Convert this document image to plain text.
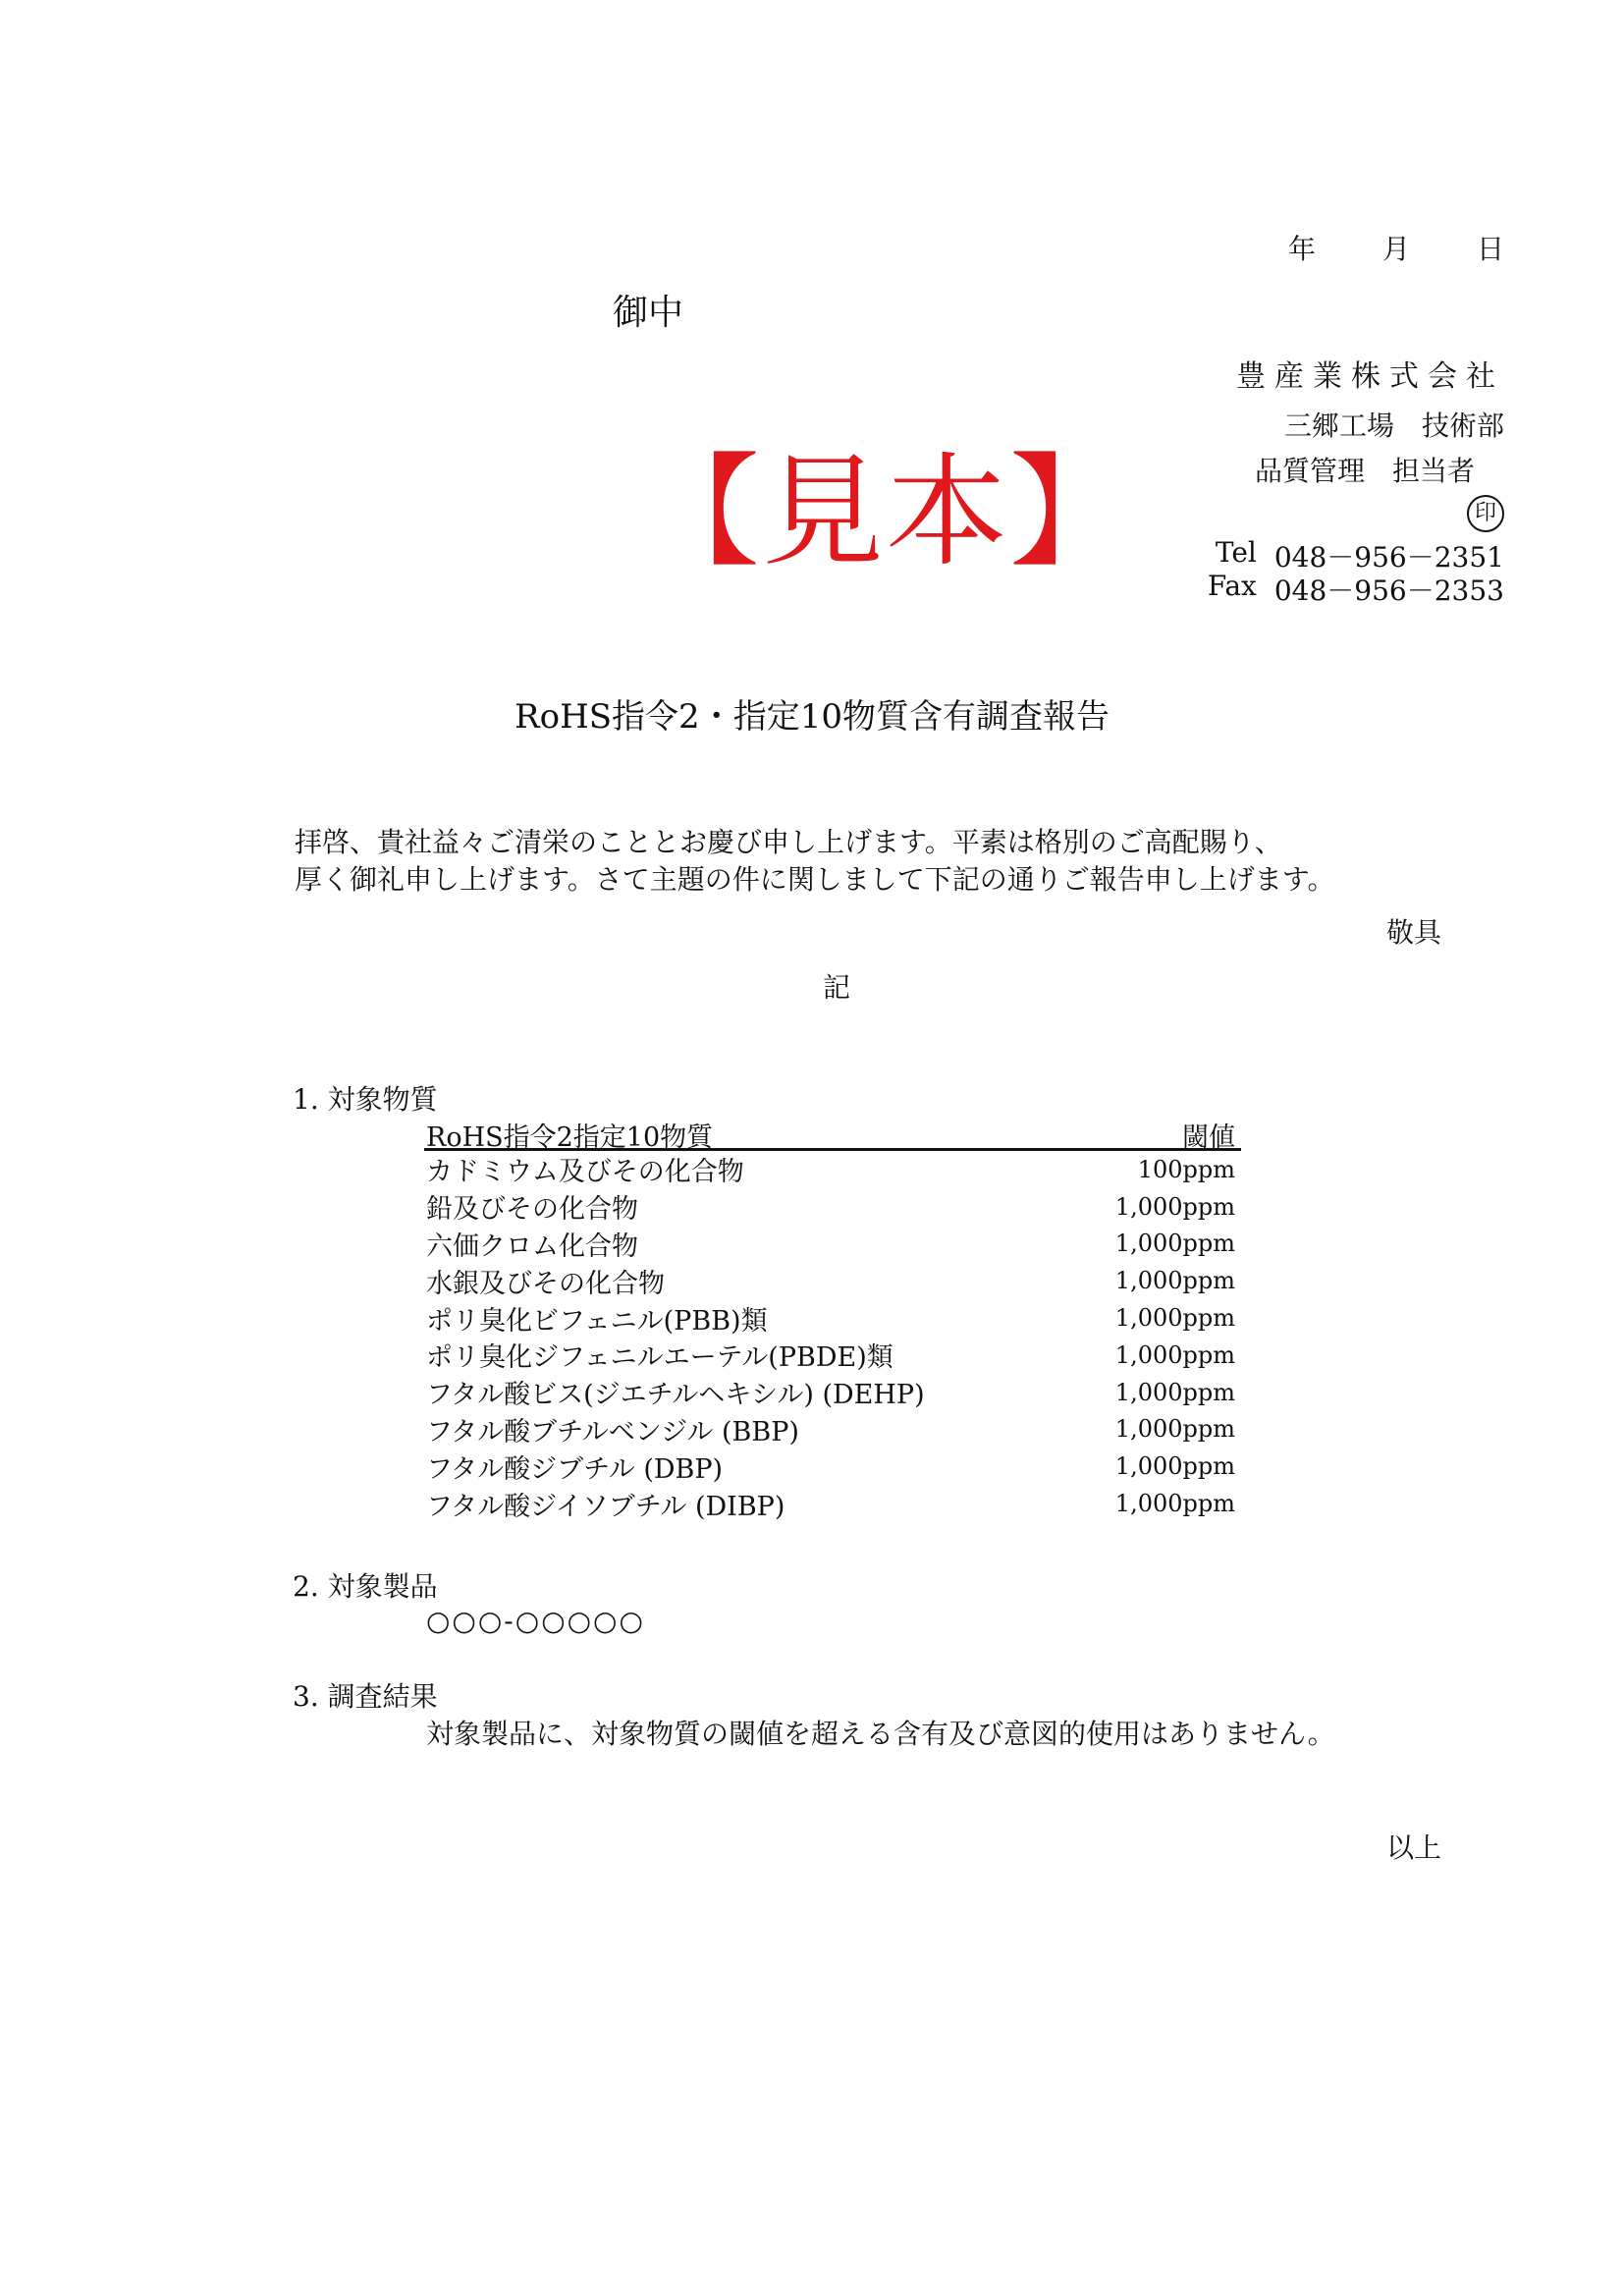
年 月 日
御中
豊産業株式会社
三郷工場　技術部
品質管理　担当者
印
Tel 048－956－2351
Fax 048－956－2353
【見本】
RoHS指令2・指定10物質含有調査報告
拝啓、貴社益々ご清栄のこととお慶び申し上げます。平素は格別のご高配賜り、
厚く御礼申し上げます。さて主題の件に関しまして下記の通りご報告申し上げます。
敬具
記
1. 対象物質
RoHS指令2指定10物質	閾値
カドミウム及びその化合物	100ppm
鉛及びその化合物	1,000ppm
六価クロム化合物	1,000ppm
水銀及びその化合物	1,000ppm
ポリ臭化ビフェニル(PBB)類	1,000ppm
ポリ臭化ジフェニルエーテル(PBDE)類	1,000ppm
フタル酸ビス(ジエチルヘキシル) (DEHP)	1,000ppm
フタル酸ブチルベンジル (BBP)	1,000ppm
フタル酸ジブチル (DBP)	1,000ppm
フタル酸ジイソブチル (DIBP)	1,000ppm
2. 対象製品
○○○-○○○○○
3. 調査結果
対象製品に、対象物質の閾値を超える含有及び意図的使用はありません。
以上
